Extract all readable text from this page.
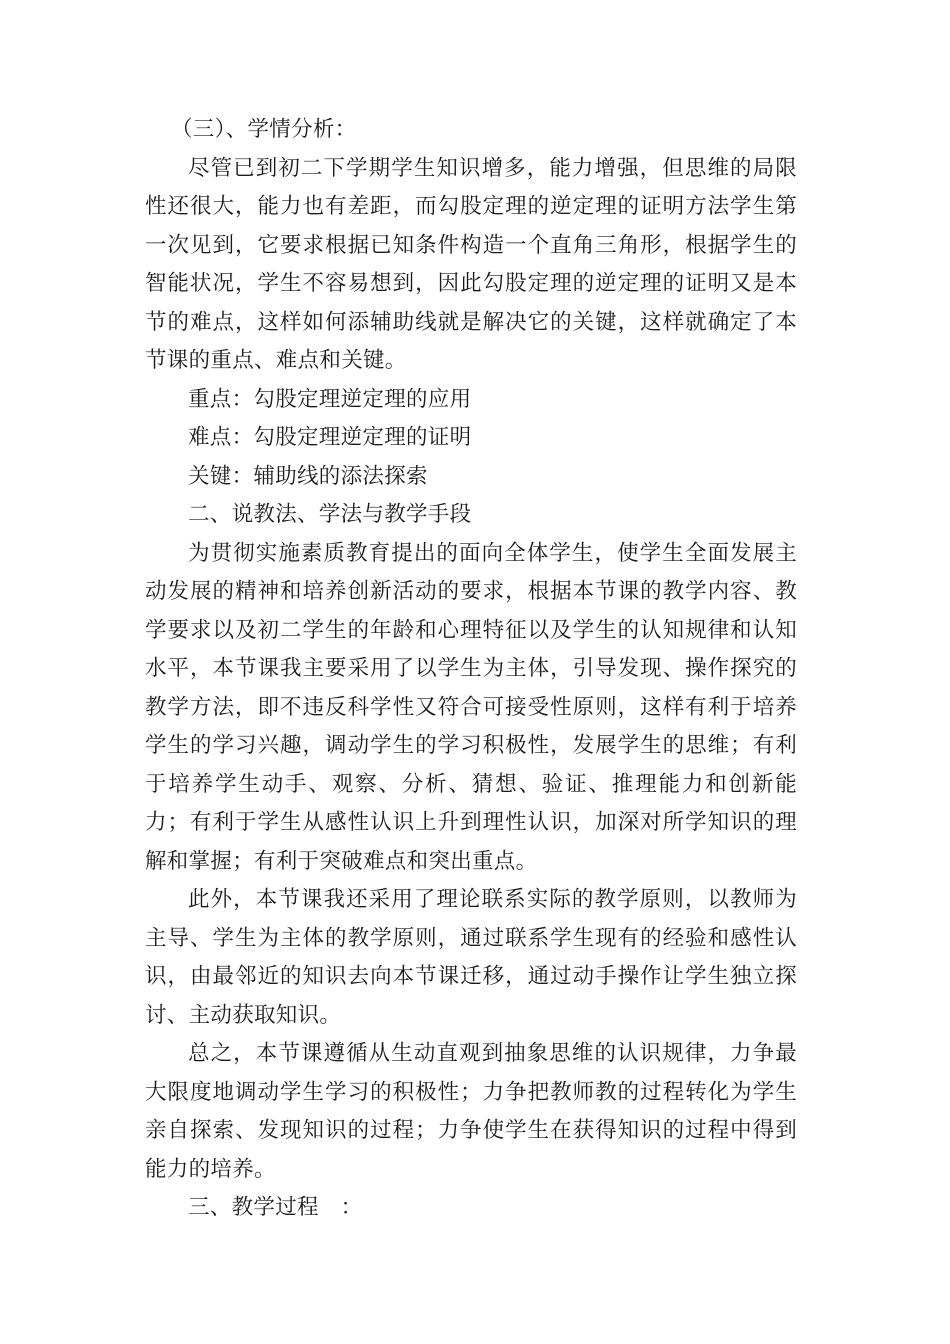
（三）、学情分析：

尽管已到初二下学期学生知识增多，能力增强，但思维的局限性还很大，能力也有差距，而勾股定理的逆定理的证明方法学生第一次见到，它要求根据已知条件构造一个直角三角形，根据学生的智能状况，学生不容易想到，因此勾股定理的逆定理的证明又是本节的难点，这样如何添辅助线就是解决它的关键，这样就确定了本节课的重点、难点和关键。

重点：勾股定理逆定理的应用

难点：勾股定理逆定理的证明

关键：辅助线的添法探索

二、说教法、学法与教学手段

为贯彻实施素质教育提出的面向全体学生，使学生全面发展主动发展的精神和培养创新活动的要求，根据本节课的教学内容、教学要求以及初二学生的年龄和心理特征以及学生的认知规律和认知水平，本节课我主要采用了以学生为主体，引导发现、操作探究的教学方法，即不违反科学性又符合可接受性原则，这样有利于培养学生的学习兴趣，调动学生的学习积极性，发展学生的思维；有利于培养学生动手、观察、分析、猜想、验证、推理能力和创新能力；有利于学生从感性认识上升到理性认识，加深对所学知识的理解和掌握；有利于突破难点和突出重点。

此外，本节课我还采用了理论联系实际的教学原则，以教师为主导、学生为主体的教学原则，通过联系学生现有的经验和感性认识，由最邻近的知识去向本节课迁移，通过动手操作让学生独立探讨、主动获取知识。

总之，本节课遵循从生动直观到抽象思维的认识规律，力争最大限度地调动学生学习的积极性；力争把教师教的过程转化为学生亲自探索、发现知识的过程；力争使学生在获得知识的过程中得到能力的培养。

三、教学过程　：
